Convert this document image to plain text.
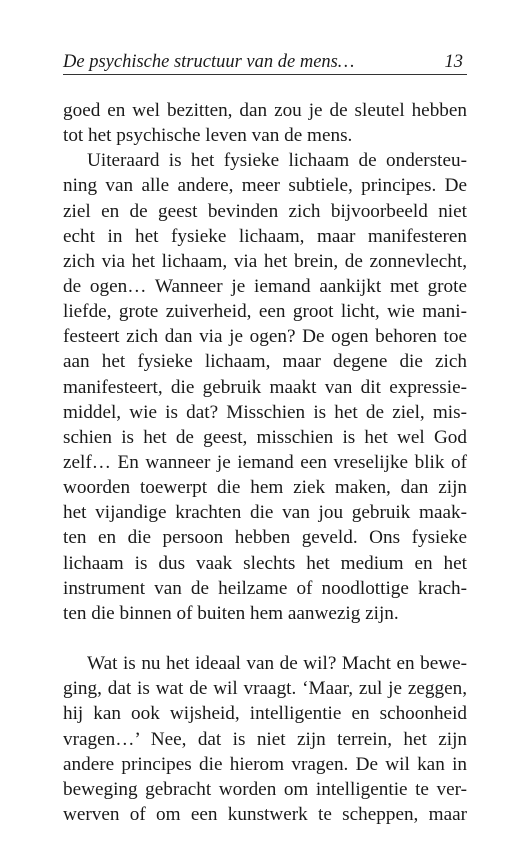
De psychische structuur van de mens…	13
goed en wel bezitten, dan zou je de sleutel hebben
tot het psychische leven van de mens.
Uiteraard is het fysieke lichaam de ondersteu-
ning van alle andere, meer subtiele, principes. De
ziel en de geest bevinden zich bijvoorbeeld niet
echt in het fysieke lichaam, maar manifesteren
zich via het lichaam, via het brein, de zonnevlecht,
de ogen… Wanneer je iemand aankijkt met grote
liefde, grote zuiverheid, een groot licht, wie mani-
festeert zich dan via je ogen? De ogen behoren toe
aan het fysieke lichaam, maar degene die zich
manifesteert, die gebruik maakt van dit expressie-
middel, wie is dat? Misschien is het de ziel, mis-
schien is het de geest, misschien is het wel God
zelf… En wanneer je iemand een vreselijke blik of
woorden toewerpt die hem ziek maken, dan zijn
het vijandige krachten die van jou gebruik maak-
ten en die persoon hebben geveld. Ons fysieke
lichaam is dus vaak slechts het medium en het
instrument van de heilzame of noodlottige krach-
ten die binnen of buiten hem aanwezig zijn.
Wat is nu het ideaal van de wil? Macht en bewe-
ging, dat is wat de wil vraagt. ‘Maar, zul je zeggen,
hij kan ook wijsheid, intelligentie en schoonheid
vragen…’ Nee, dat is niet zijn terrein, het zijn
andere principes die hierom vragen. De wil kan in
beweging gebracht worden om intelligentie te ver-
werven of om een kunstwerk te scheppen, maar
